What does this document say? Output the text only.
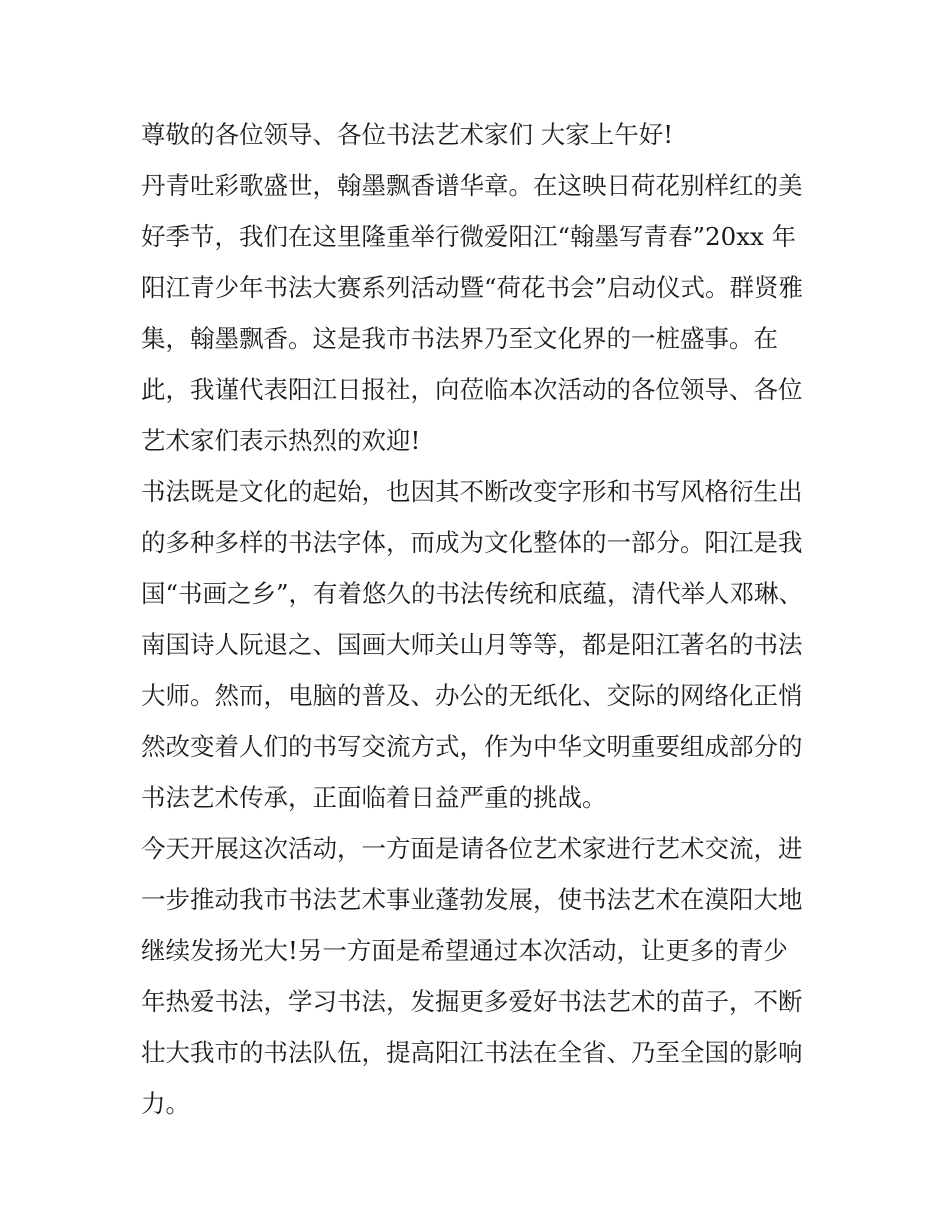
尊敬的各位领导、各位书法艺术家们 大家上午好!

丹青吐彩歌盛世，翰墨飘香谱华章。在这映日荷花别样红的美
好季节，我们在这里隆重举行微爱阳江“翰墨写青春”20xx 年
阳江青少年书法大赛系列活动暨“荷花书会”启动仪式。群贤雅
集，翰墨飘香。这是我市书法界乃至文化界的一桩盛事。在
此，我谨代表阳江日报社，向莅临本次活动的各位领导、各位
艺术家们表示热烈的欢迎!

书法既是文化的起始，也因其不断改变字形和书写风格衍生出
的多种多样的书法字体，而成为文化整体的一部分。阳江是我
国“书画之乡”，有着悠久的书法传统和底蕴，清代举人邓琳、
南国诗人阮退之、国画大师关山月等等，都是阳江著名的书法
大师。然而，电脑的普及、办公的无纸化、交际的网络化正悄
然改变着人们的书写交流方式，作为中华文明重要组成部分的
书法艺术传承，正面临着日益严重的挑战。

今天开展这次活动，一方面是请各位艺术家进行艺术交流，进
一步推动我市书法艺术事业蓬勃发展，使书法艺术在漠阳大地
继续发扬光大!另一方面是希望通过本次活动，让更多的青少
年热爱书法，学习书法，发掘更多爱好书法艺术的苗子，不断
壮大我市的书法队伍，提高阳江书法在全省、乃至全国的影响
力。
